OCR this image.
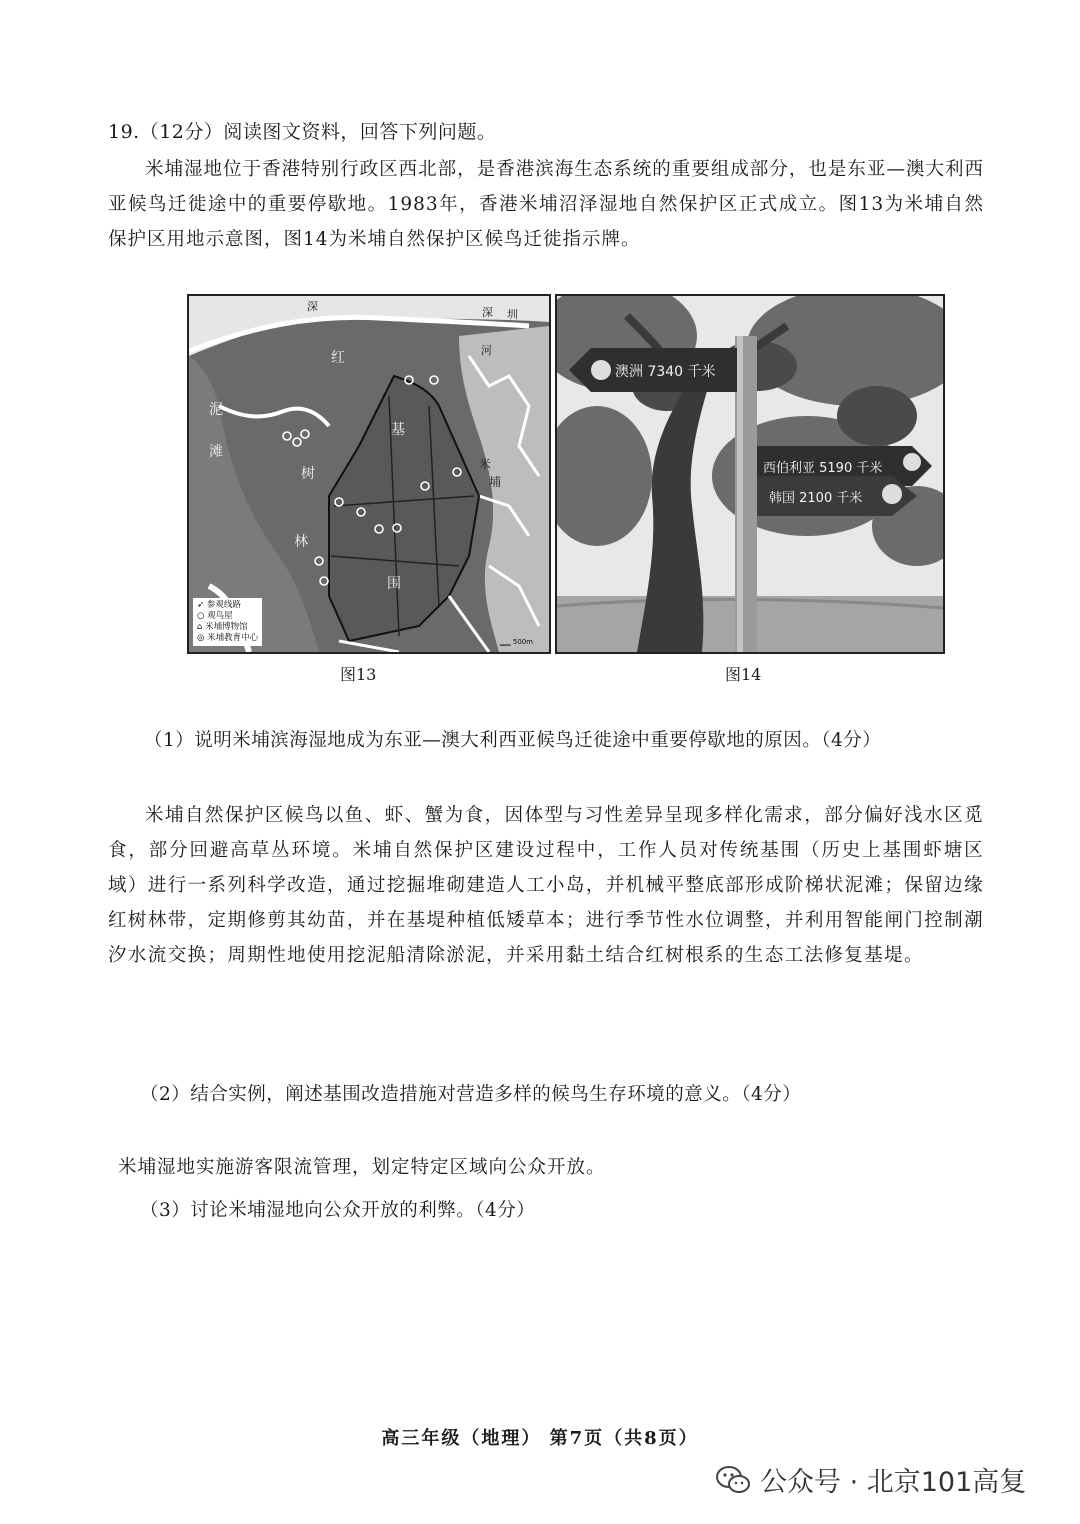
19.（12分）阅读图文资料，回答下列问题。

米埔湿地位于香港特别行政区西北部，是香港滨海生态系统的重要组成部分，也是东亚—澳大利西亚候鸟迁徙途中的重要停歇地。1983年，香港米埔沼泽湿地自然保护区正式成立。图13为米埔自然保护区用地示意图，图14为米埔自然保护区候鸟迁徙指示牌。

深	深 圳
河
红
树
林
泥
滩
基
围
米
埔
➶ 参观线路
○ 观鸟屋
⌂ 米埔博物馆
◎ 米埔教育中心	▁▁ 500m
图13
澳洲 7340 千米
西伯利亚 5190 千米
韩国 2100 千米
图14
（1）说明米埔滨海湿地成为东亚—澳大利西亚候鸟迁徙途中重要停歇地的原因。（4分）

米埔自然保护区候鸟以鱼、虾、蟹为食，因体型与习性差异呈现多样化需求，部分偏好浅水区觅食，部分回避高草丛环境。米埔自然保护区建设过程中，工作人员对传统基围（历史上基围虾塘区域）进行一系列科学改造，通过挖掘堆砌建造人工小岛，并机械平整底部形成阶梯状泥滩；保留边缘红树林带，定期修剪其幼苗，并在基堤种植低矮草本；进行季节性水位调整，并利用智能闸门控制潮汐水流交换；周期性地使用挖泥船清除淤泥，并采用黏土结合红树根系的生态工法修复基堤。

（2）结合实例，阐述基围改造措施对营造多样的候鸟生存环境的意义。（4分）

米埔湿地实施游客限流管理，划定特定区域向公众开放。

（3）讨论米埔湿地向公众开放的利弊。（4分）
高三年级（地理） 第7页（共8页）
公众号 · 北京101高复
